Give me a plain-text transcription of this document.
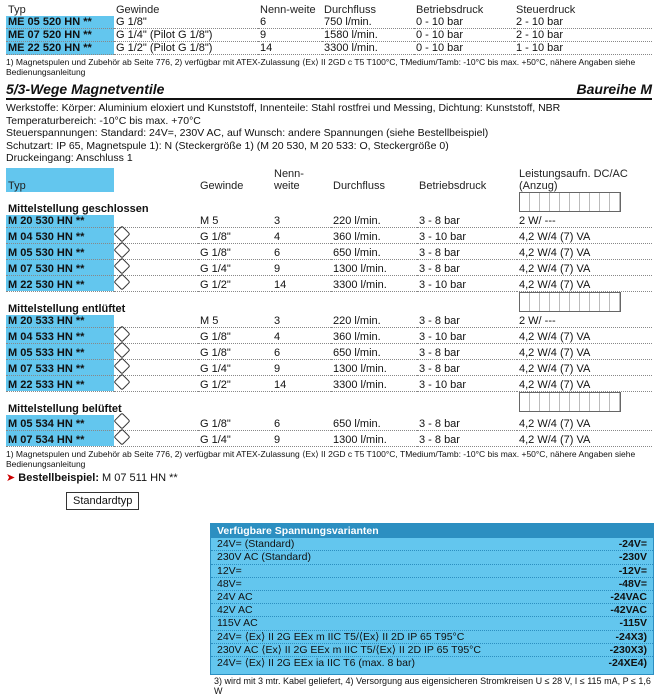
Typ	Gewinde	Nenn-weite	Durchfluss	Betriebsdruck	Steuerdruck
ME 05 520 HN **	G 1/8"	6	750 l/min.	0 - 10 bar	2 - 10 bar
ME 07 520 HN **	G 1/4" (Pilot G 1/8")	9	1580 l/min.	0 - 10 bar	2 - 10 bar
ME 22 520 HN **	G 1/2" (Pilot G 1/8")	14	3300 l/min.	0 - 10 bar	1 - 10 bar
1) Magnetspulen und Zubehör ab Seite 776, 2) verfügbar mit ATEX-Zulassung ⟨Ex⟩ II 2GD c T5 T100°C, TMedium/Tamb: -10°C bis max. +50°C, nähere Angaben siehe Bedienungsanleitung
5/3-Wege Magnetventile	Baureihe M
Werkstoffe: Körper: Aluminium eloxiert und Kunststoff, Innenteile: Stahl rostfrei und Messing, Dichtung: Kunststoff, NBR
Temperaturbereich: -10°C bis max. +70°C
Steuerspannungen: Standard: 24V=, 230V AC, auf Wunsch: andere Spannungen (siehe Bestellbeispiel)
Schutzart: IP 65, Magnetspule 1): N (Steckergröße 1) (M 20 530, M 20 533: O, Steckergröße 0)
Druckeingang: Anschluss 1
Typ		Gewinde	Nenn- weite	Durchfluss	Betriebsdruck	Leistungsaufn. DC/AC (Anzug)
Mittelstellung geschlossen						
M 20 530 HN **		M 5	3	220 l/min.	3 - 8 bar	2 W/ ---
M 04 530 HN **		G 1/8"	4	360 l/min.	3 - 10 bar	4,2 W/4 (7) VA
M 05 530 HN **		G 1/8"	6	650 l/min.	3 - 8 bar	4,2 W/4 (7) VA
M 07 530 HN **		G 1/4"	9	1300 l/min.	3 - 8 bar	4,2 W/4 (7) VA
M 22 530 HN **		G 1/2"	14	3300 l/min.	3 - 10 bar	4,2 W/4 (7) VA
Mittelstellung entlüftet						
M 20 533 HN **		M 5	3	220 l/min.	3 - 8 bar	2 W/ ---
M 04 533 HN **		G 1/8"	4	360 l/min.	3 - 10 bar	4,2 W/4 (7) VA
M 05 533 HN **		G 1/8"	6	650 l/min.	3 - 8 bar	4,2 W/4 (7) VA
M 07 533 HN **		G 1/4"	9	1300 l/min.	3 - 8 bar	4,2 W/4 (7) VA
M 22 533 HN **		G 1/2"	14	3300 l/min.	3 - 10 bar	4,2 W/4 (7) VA
Mittelstellung belüftet						
M 05 534 HN **		G 1/8"	6	650 l/min.	3 - 8 bar	4,2 W/4 (7) VA
M 07 534 HN **		G 1/4"	9	1300 l/min.	3 - 8 bar	4,2 W/4 (7) VA
1) Magnetspulen und Zubehör ab Seite 776, 2) verfügbar mit ATEX-Zulassung ⟨Ex⟩ II 2GD c T5 T100°C, TMedium/Tamb: -10°C bis max. +50°C, nähere Angaben siehe Bedienungsanleitung
➤ Bestellbeispiel: M 07 511 HN **
Standardtyp
Verfügbare Spannungsvarianten
24V= (Standard)	-24V=
230V AC (Standard)	-230V
12V=	-12V=
48V=	-48V=
24V AC	-24VAC
42V AC	-42VAC
115V AC	-115V
24V= ⟨Ex⟩ II 2G EEx m IIC T5/⟨Ex⟩ II 2D IP 65 T95°C	-24X3)
230V AC ⟨Ex⟩ II 2G EEx m IIC T5/⟨Ex⟩ II 2D IP 65 T95°C	-230X3)
24V= ⟨Ex⟩ II 2G EEx ia IIC T6 (max. 8 bar)	-24XE4)
3) wird mit 3 mtr. Kabel geliefert, 4) Versorgung aus eigensicheren Stromkreisen U ≤ 28 V, I ≤ 115 mA, P ≤ 1,6 W
